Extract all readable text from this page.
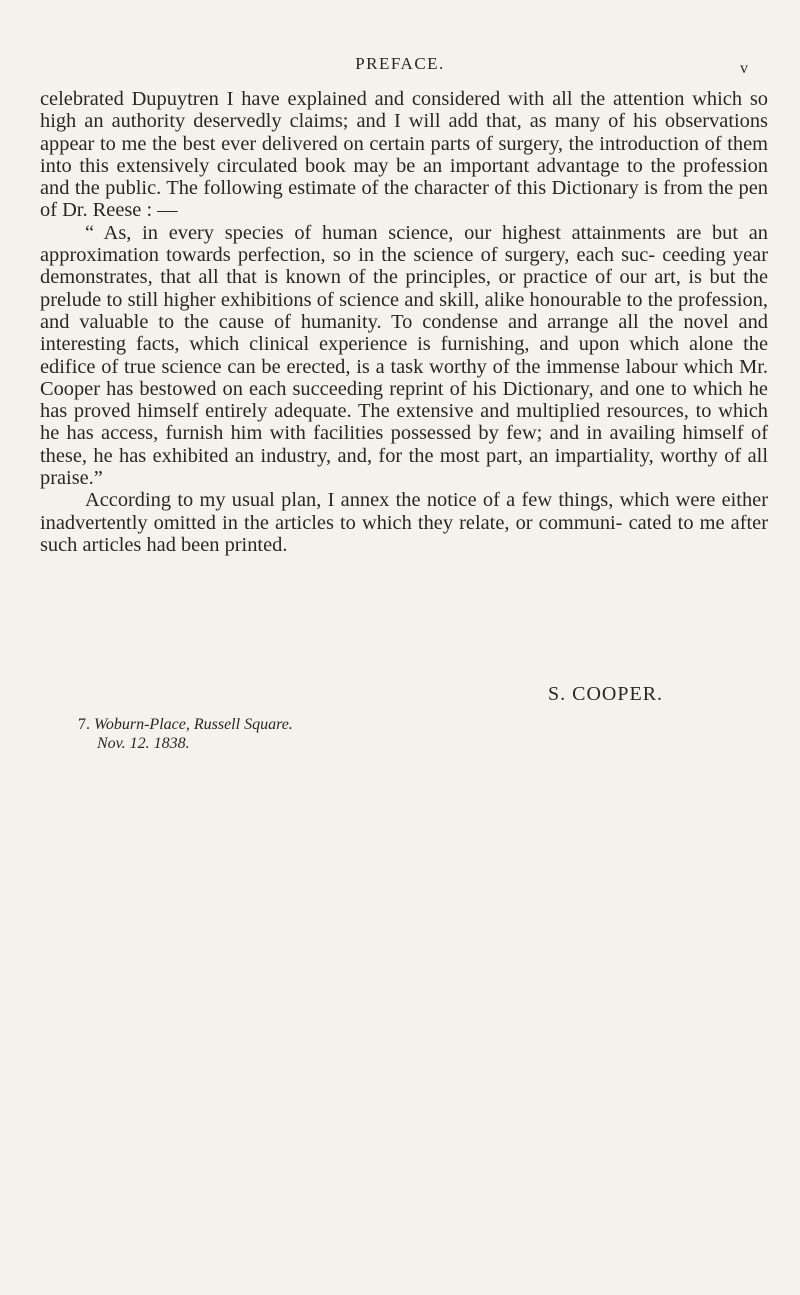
PREFACE.	v

celebrated Dupuytren I have explained and considered with all the attention which so high an authority deservedly claims; and I will add that, as many of his observations appear to me the best ever delivered on certain parts of surgery, the introduction of them into this extensively circulated book may be an important advantage to the profession and the public. The following estimate of the character of this Dictionary is from the pen of Dr. Reese : —

“ As, in every species of human science, our highest attainments are but an approximation towards perfection, so in the science of surgery, each suc- ceeding year demonstrates, that all that is known of the principles, or practice of our art, is but the prelude to still higher exhibitions of science and skill, alike honourable to the profession, and valuable to the cause of humanity. To condense and arrange all the novel and interesting facts, which clinical experience is furnishing, and upon which alone the edifice of true science can be erected, is a task worthy of the immense labour which Mr. Cooper has bestowed on each succeeding reprint of his Dictionary, and one to which he has proved himself entirely adequate. The extensive and multiplied resources, to which he has access, furnish him with facilities possessed by few; and in availing himself of these, he has exhibited an industry, and, for the most part, an impartiality, worthy of all praise.”

According to my usual plan, I annex the notice of a few things, which were either inadvertently omitted in the articles to which they relate, or communi- cated to me after such articles had been printed.

S. COOPER.
7. Woburn-Place, Russell Square.
Nov. 12. 1838.
